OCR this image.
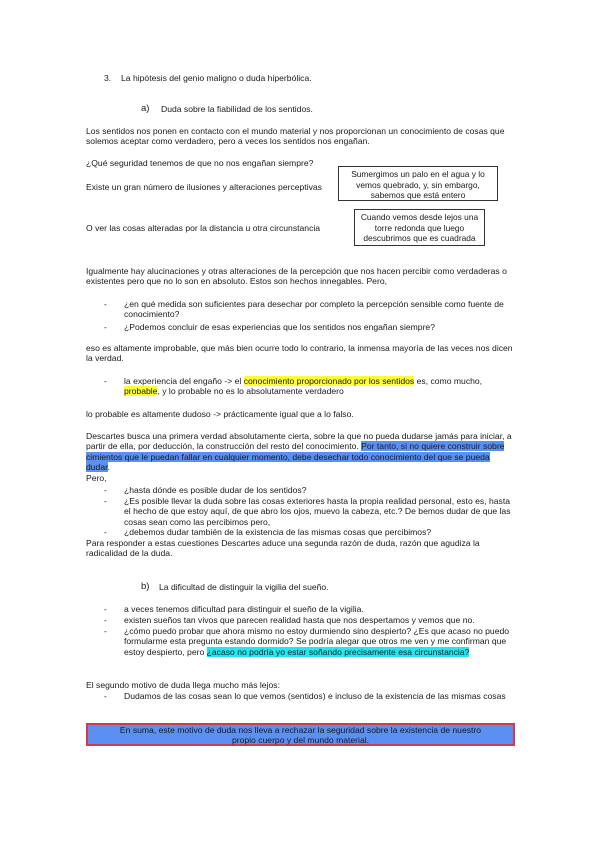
3. La hipótesis del genio maligno o duda hiperbólica.
a) Duda sobre la fiabilidad de los sentidos.
Los sentidos nos ponen en contacto con el mundo material y nos proporcionan un conocimiento de cosas que solemos aceptar como verdadero, pero a veces los sentidos nos engañan.
¿Qué seguridad tenemos de que no nos engañan siempre?
Existe un gran número de ilusiones y alteraciones perceptivas
Sumergimos un palo en el agua y lo vemos quebrado, y, sin embargo, sabemos que está entero
O ver las cosas alteradas por la distancia u otra circunstancia
Cuando vemos desde lejos una torre redonda que luego descubrimos que es cuadrada
Igualmente hay alucinaciones y otras alteraciones de la percepción que nos hacen percibir como verdaderas o existentes pero que no lo son en absoluto. Estos son hechos innegables. Pero,
- ¿en qué medida son suficientes para desechar por completo la percepción sensible como fuente de conocimiento?
- ¿Podemos concluir de esas experiencias que los sentidos nos engañan siempre?
eso es altamente improbable, que más bien ocurre todo lo contrario, la inmensa mayoría de las veces nos dicen la verdad.
- la experiencia del engaño -> el conocimiento proporcionado por los sentidos es, como mucho, probable, y lo probable no es lo absolutamente verdadero
lo probable es altamente dudoso -> prácticamente igual que a lo falso.
Descartes busca una primera verdad absolutamente cierta, sobre la que no pueda dudarse jamás para iniciar, a partir de ella, por deducción, la construcción del resto del conocimiento. Por tanto, si no quiere construir sobre cimientos que le puedan fallar en cualquier momento, debe desechar todo conocimiento del que se pueda dudar.
Pero,
- ¿hasta dónde es posible dudar de los sentidos?
- ¿Es posible llevar la duda sobre las cosas exteriores hasta la propia realidad personal, esto es, hasta el hecho de que estoy aquí, de que abro los ojos, muevo la cabeza, etc.? De bemos dudar de que las cosas sean como las percibimos pero,
- ¿debemos dudar también de la existencia de las mismas cosas que percibimos?
Para responder a estas cuestiones Descartes aduce una segunda razón de duda, razón que agudiza la radicalidad de la duda.
b) La dificultad de distinguir la vigilia del sueño.
- a veces tenemos dificultad para distinguir el sueño de la vigilia.
- existen sueños tan vivos que parecen realidad hasta que nos despertamos y vemos que no.
- ¿cómo puedo probar que ahora mismo no estoy durmiendo sino despierto? ¿Es que acaso no puedo formularme esta pregunta estando dormido? Se podría alegar que otros me ven y me confirman que estoy despierto, pero ¿acaso no podría yo estar soñando precisamente esa circunstancia?
El segundo motivo de duda llega mucho más lejos:
- Dudamos de las cosas sean lo que vemos (sentidos) e incluso de la existencia de las mismas cosas
En suma, este motivo de duda nos lleva a rechazar la seguridad sobre la existencia de nuestro propio cuerpo y del mundo material.
